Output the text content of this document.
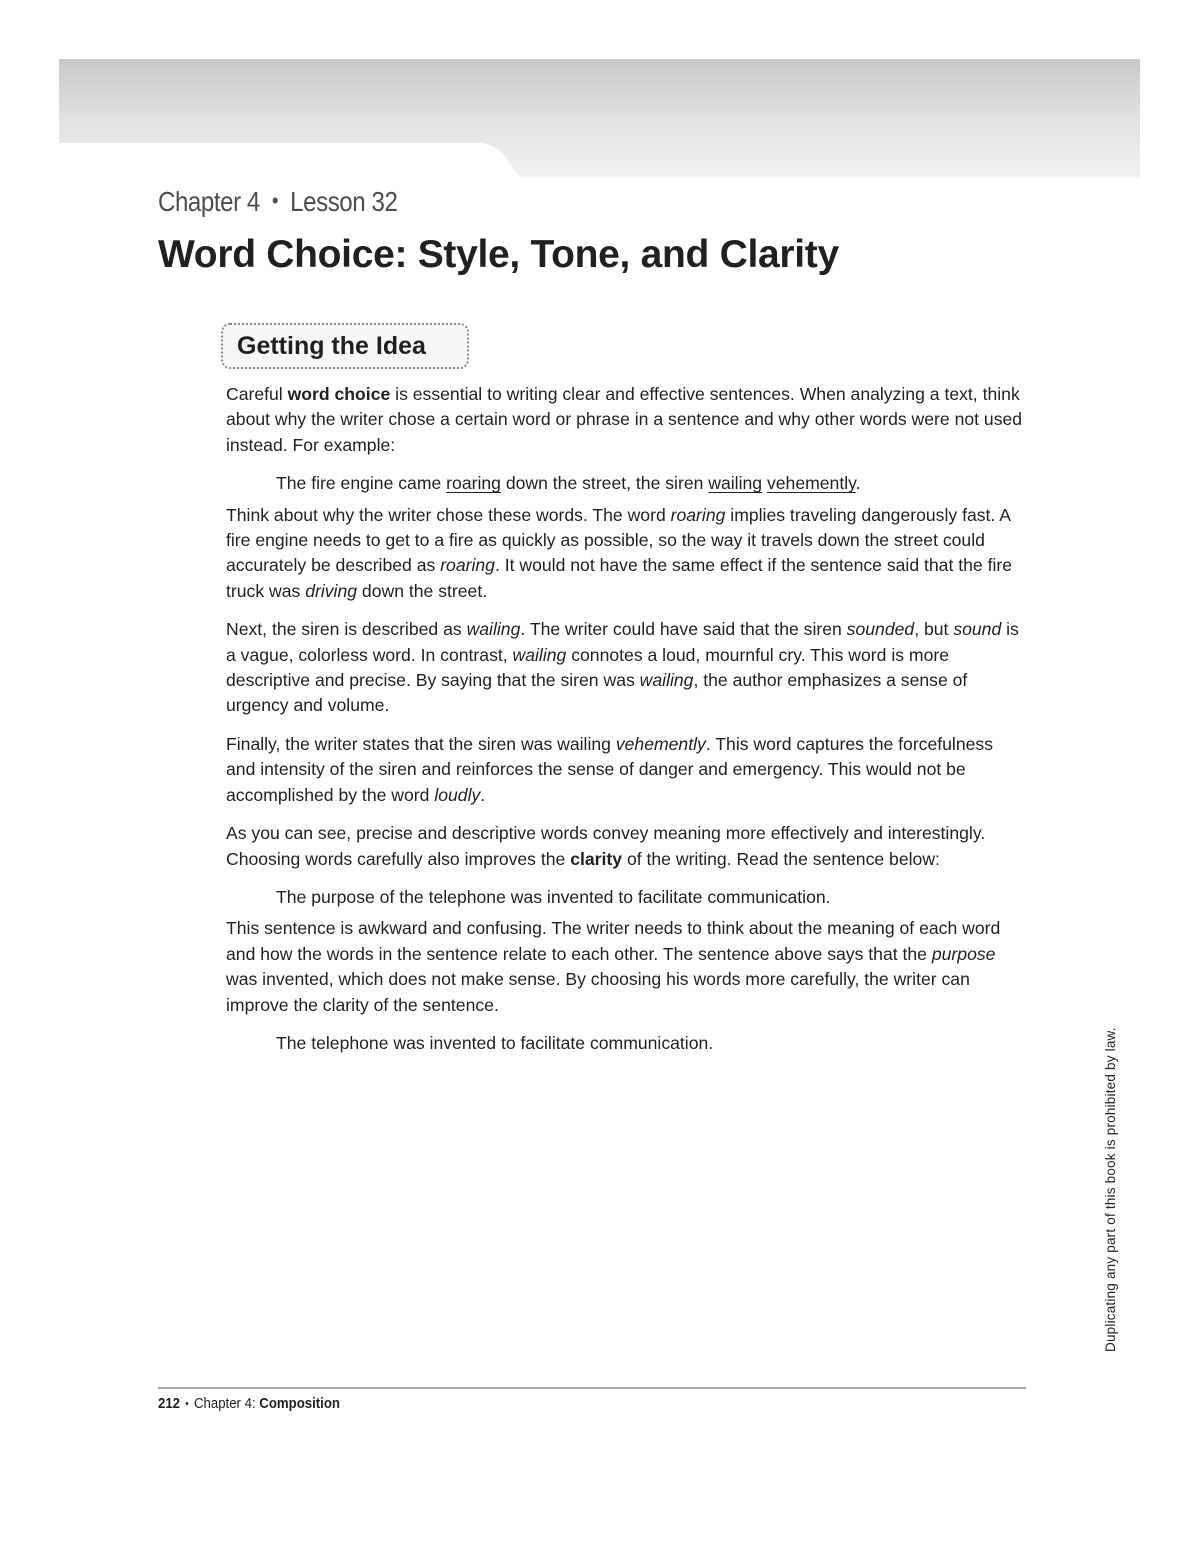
Chapter 4 • Lesson 32
Word Choice: Style, Tone, and Clarity
Getting the Idea

Careful word choice is essential to writing clear and effective sentences. When analyzing a text, think about why the writer chose a certain word or phrase in a sentence and why other words were not used instead. For example:

The fire engine came roaring down the street, the siren wailing vehemently.

Think about why the writer chose these words. The word roaring implies traveling dangerously fast. A fire engine needs to get to a fire as quickly as possible, so the way it travels down the street could accurately be described as roaring. It would not have the same effect if the sentence said that the fire truck was driving down the street.

Next, the siren is described as wailing. The writer could have said that the siren sounded, but sound is a vague, colorless word. In contrast, wailing connotes a loud, mournful cry. This word is more descriptive and precise. By saying that the siren was wailing, the author emphasizes a sense of urgency and volume.

Finally, the writer states that the siren was wailing vehemently. This word captures the forcefulness and intensity of the siren and reinforces the sense of danger and emergency. This would not be accomplished by the word loudly.

As you can see, precise and descriptive words convey meaning more effectively and interestingly. Choosing words carefully also improves the clarity of the writing. Read the sentence below:

The purpose of the telephone was invented to facilitate communication.

This sentence is awkward and confusing. The writer needs to think about the meaning of each word and how the words in the sentence relate to each other. The sentence above says that the purpose was invented, which does not make sense. By choosing his words more carefully, the writer can improve the clarity of the sentence.

The telephone was invented to facilitate communication.	Duplicating any part of this book is prohibited by law.
212 • Chapter 4: Composition
